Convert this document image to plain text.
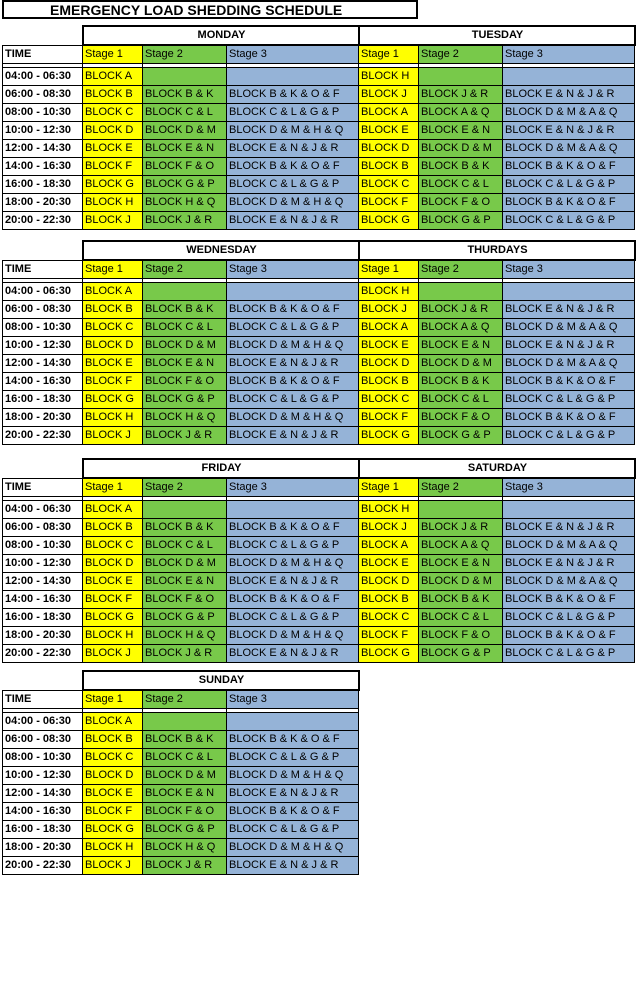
EMERGENCY LOAD SHEDDING SCHEDULE
	MONDAY			TUESDAY		
TIME	Stage 1	Stage 2	Stage 3	Stage 1	Stage 2	Stage 3

04:00 - 06:30	BLOCK A			BLOCK H		
06:00 - 08:30	BLOCK B	BLOCK B & K	BLOCK B & K & O & F	BLOCK J	BLOCK J & R	BLOCK E & N & J & R
08:00 - 10:30	BLOCK C	BLOCK C & L	BLOCK C & L & G & P	BLOCK A	BLOCK A & Q	BLOCK D & M & A & Q
10:00 - 12:30	BLOCK D	BLOCK D & M	BLOCK D & M & H & Q	BLOCK E	BLOCK E & N	BLOCK E & N & J & R
12:00 - 14:30	BLOCK E	BLOCK E & N	BLOCK E & N & J & R	BLOCK D	BLOCK D & M	BLOCK D & M & A & Q
14:00 - 16:30	BLOCK F	BLOCK F & O	BLOCK B & K & O & F	BLOCK B	BLOCK B & K	BLOCK B & K & O & F
16:00 - 18:30	BLOCK G	BLOCK G & P	BLOCK C & L & G & P	BLOCK C	BLOCK C & L	BLOCK C & L & G & P
18:00 - 20:30	BLOCK H	BLOCK H & Q	BLOCK D & M & H & Q	BLOCK F	BLOCK F & O	BLOCK B & K & O & F
20:00 - 22:30	BLOCK J	BLOCK J & R	BLOCK E & N & J & R	BLOCK G	BLOCK G & P	BLOCK C & L & G & P
	WEDNESDAY			THURDAYS		
TIME	Stage 1	Stage 2	Stage 3	Stage 1	Stage 2	Stage 3

04:00 - 06:30	BLOCK A			BLOCK H		
06:00 - 08:30	BLOCK B	BLOCK B & K	BLOCK B & K & O & F	BLOCK J	BLOCK J & R	BLOCK E & N & J & R
08:00 - 10:30	BLOCK C	BLOCK C & L	BLOCK C & L & G & P	BLOCK A	BLOCK A & Q	BLOCK D & M & A & Q
10:00 - 12:30	BLOCK D	BLOCK D & M	BLOCK D & M & H & Q	BLOCK E	BLOCK E & N	BLOCK E & N & J & R
12:00 - 14:30	BLOCK E	BLOCK E & N	BLOCK E & N & J & R	BLOCK D	BLOCK D & M	BLOCK D & M & A & Q
14:00 - 16:30	BLOCK F	BLOCK F & O	BLOCK B & K & O & F	BLOCK B	BLOCK B & K	BLOCK B & K & O & F
16:00 - 18:30	BLOCK G	BLOCK G & P	BLOCK C & L & G & P	BLOCK C	BLOCK C & L	BLOCK C & L & G & P
18:00 - 20:30	BLOCK H	BLOCK H & Q	BLOCK D & M & H & Q	BLOCK F	BLOCK F & O	BLOCK B & K & O & F
20:00 - 22:30	BLOCK J	BLOCK J & R	BLOCK E & N & J & R	BLOCK G	BLOCK G & P	BLOCK C & L & G & P
	FRIDAY			SATURDAY		
TIME	Stage 1	Stage 2	Stage 3	Stage 1	Stage 2	Stage 3

04:00 - 06:30	BLOCK A			BLOCK H		
06:00 - 08:30	BLOCK B	BLOCK B & K	BLOCK B & K & O & F	BLOCK J	BLOCK J & R	BLOCK E & N & J & R
08:00 - 10:30	BLOCK C	BLOCK C & L	BLOCK C & L & G & P	BLOCK A	BLOCK A & Q	BLOCK D & M & A & Q
10:00 - 12:30	BLOCK D	BLOCK D & M	BLOCK D & M & H & Q	BLOCK E	BLOCK E & N	BLOCK E & N & J & R
12:00 - 14:30	BLOCK E	BLOCK E & N	BLOCK E & N & J & R	BLOCK D	BLOCK D & M	BLOCK D & M & A & Q
14:00 - 16:30	BLOCK F	BLOCK F & O	BLOCK B & K & O & F	BLOCK B	BLOCK B & K	BLOCK B & K & O & F
16:00 - 18:30	BLOCK G	BLOCK G & P	BLOCK C & L & G & P	BLOCK C	BLOCK C & L	BLOCK C & L & G & P
18:00 - 20:30	BLOCK H	BLOCK H & Q	BLOCK D & M & H & Q	BLOCK F	BLOCK F & O	BLOCK B & K & O & F
20:00 - 22:30	BLOCK J	BLOCK J & R	BLOCK E & N & J & R	BLOCK G	BLOCK G & P	BLOCK C & L & G & P
	SUNDAY		
TIME	Stage 1	Stage 2	Stage 3

04:00 - 06:30	BLOCK A		
06:00 - 08:30	BLOCK B	BLOCK B & K	BLOCK B & K & O & F
08:00 - 10:30	BLOCK C	BLOCK C & L	BLOCK C & L & G & P
10:00 - 12:30	BLOCK D	BLOCK D & M	BLOCK D & M & H & Q
12:00 - 14:30	BLOCK E	BLOCK E & N	BLOCK E & N & J & R
14:00 - 16:30	BLOCK F	BLOCK F & O	BLOCK B & K & O & F
16:00 - 18:30	BLOCK G	BLOCK G & P	BLOCK C & L & G & P
18:00 - 20:30	BLOCK H	BLOCK H & Q	BLOCK D & M & H & Q
20:00 - 22:30	BLOCK J	BLOCK J & R	BLOCK E & N & J & R
